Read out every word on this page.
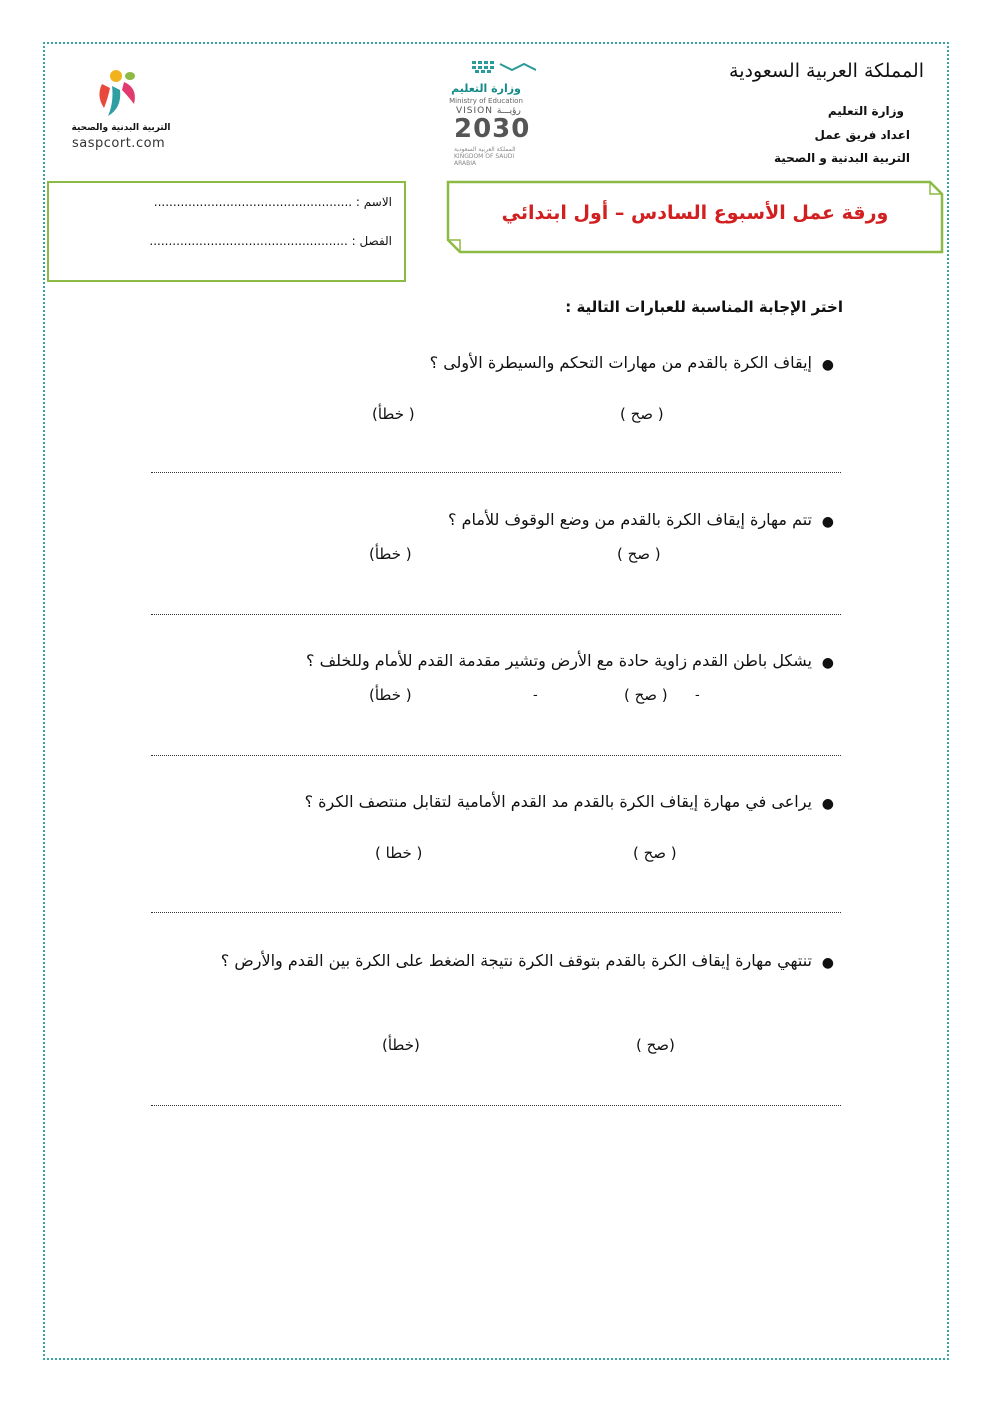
المملكة العربية السعودية
وزارة التعليم
اعداد فريق عمل
التربية البدنية و الصحية
وزارة التعليم
Ministry of Education
VISION رؤيـــة
2030
المملكة العربية السعودية KINGDOM OF SAUDI ARABIA
التربية البدنية والصحية
saspcort.com
الاسم : ....................................................
الفصل : ....................................................
ورقة عمل الأسبوع السادس – أول ابتدائي
اختر الإجابة المناسبة للعبارات التالية :
●
إيقاف الكرة بالقدم من مهارات التحكم والسيطرة الأولى ؟
( صح )
( خطأ)
●
تتم مهارة إيقاف الكرة بالقدم من وضع الوقوف للأمام ؟
( صح )
( خطأ)
●
يشكل باطن القدم زاوية حادة مع الأرض وتشير مقدمة القدم للأمام وللخلف ؟
-
( صح )
-
( خطأ)
●
يراعى في مهارة إيقاف الكرة بالقدم مد القدم الأمامية لتقابل منتصف الكرة ؟
( صح )
( خطا )
●
تنتهي مهارة إيقاف الكرة بالقدم بتوقف الكرة نتيجة الضغط على الكرة بين القدم والأرض ؟
(صح )
(خطأ)
